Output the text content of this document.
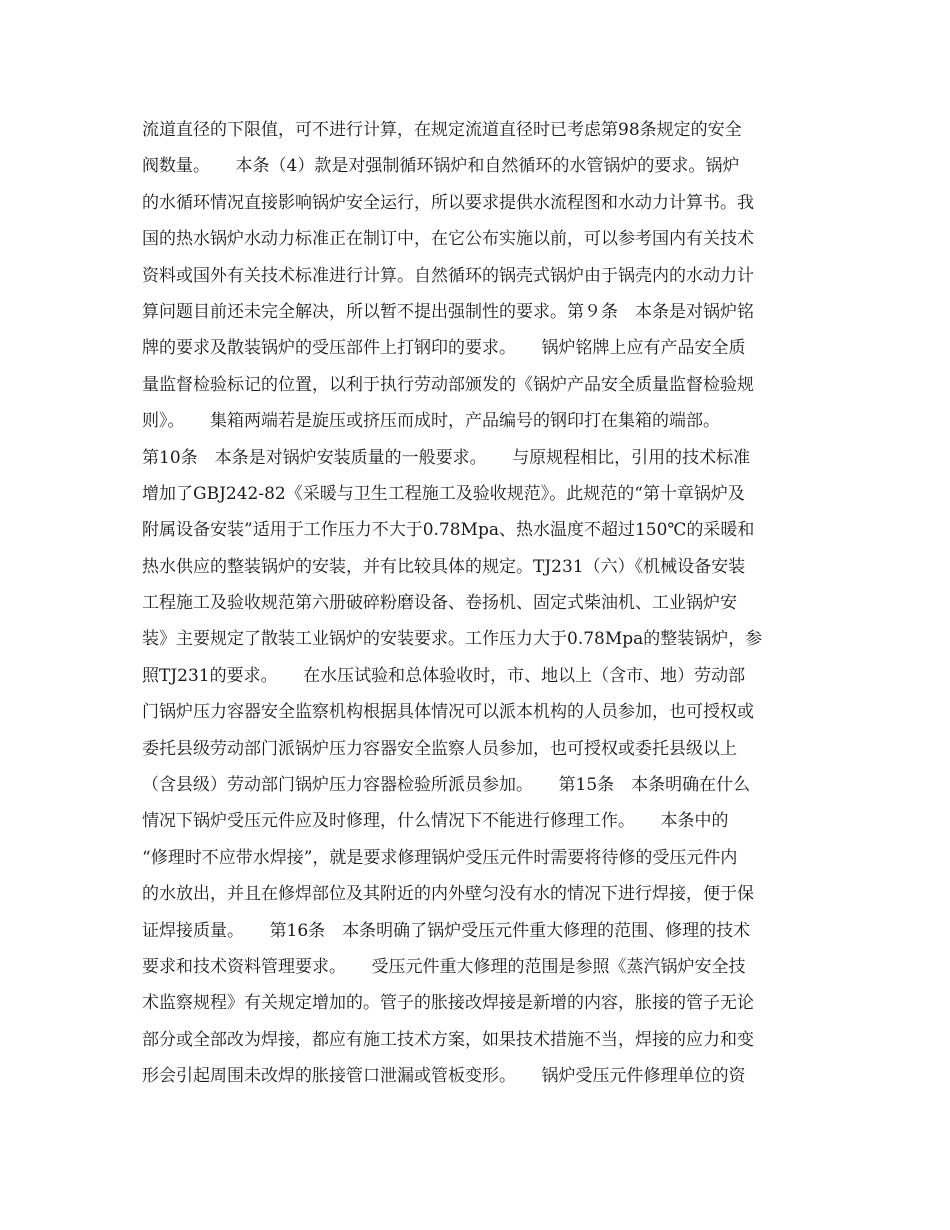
流道直径的下限值，可不进行计算，在规定流道直径时已考虑第98条规定的安全
阀数量。　　本条（4）款是对强制循环锅炉和自然循环的水管锅炉的要求。锅炉
的水循环情况直接影响锅炉安全运行，所以要求提供水流程图和水动力计算书。我
国的热水锅炉水动力标准正在制订中，在它公布实施以前，可以参考国内有关技术
资料或国外有关技术标准进行计算。自然循环的锅壳式锅炉由于锅壳内的水动力计
算问题目前还未完全解决，所以暂不提出强制性的要求。第９条　本条是对锅炉铭
牌的要求及散装锅炉的受压部件上打钢印的要求。　　锅炉铭牌上应有产品安全质
量监督检验标记的位置，以利于执行劳动部颁发的《锅炉产品安全质量监督检验规
则》。　　集箱两端若是旋压或挤压而成时，产品编号的钢印打在集箱的端部。
第10条　本条是对锅炉安装质量的一般要求。　　与原规程相比，引用的技术标准
增加了GBJ242-82《采暖与卫生工程施工及验收规范》。此规范的“第十章锅炉及
附属设备安装”适用于工作压力不大于0.78Mpa、热水温度不超过150℃的采暖和
热水供应的整装锅炉的安装，并有比较具体的规定。TJ231（六）《机械设备安装
工程施工及验收规范第六册破碎粉磨设备、卷扬机、固定式柴油机、工业锅炉安
装》主要规定了散装工业锅炉的安装要求。工作压力大于0.78Mpa的整装锅炉，参
照TJ231的要求。　　在水压试验和总体验收时，市、地以上（含市、地）劳动部
门锅炉压力容器安全监察机构根据具体情况可以派本机构的人员参加，也可授权或
委托县级劳动部门派锅炉压力容器安全监察人员参加，也可授权或委托县级以上
（含县级）劳动部门锅炉压力容器检验所派员参加。　　第15条　本条明确在什么
情况下锅炉受压元件应及时修理，什么情况下不能进行修理工作。　　本条中的
“修理时不应带水焊接”，就是要求修理锅炉受压元件时需要将待修的受压元件内
的水放出，并且在修焊部位及其附近的内外壁匀没有水的情况下进行焊接，便于保
证焊接质量。　　第16条　本条明确了锅炉受压元件重大修理的范围、修理的技术
要求和技术资料管理要求。　　受压元件重大修理的范围是参照《蒸汽锅炉安全技
术监察规程》有关规定增加的。管子的胀接改焊接是新增的内容，胀接的管子无论
部分或全部改为焊接，都应有施工技术方案，如果技术措施不当，焊接的应力和变
形会引起周围未改焊的胀接管口泄漏或管板变形。　　锅炉受压元件修理单位的资
